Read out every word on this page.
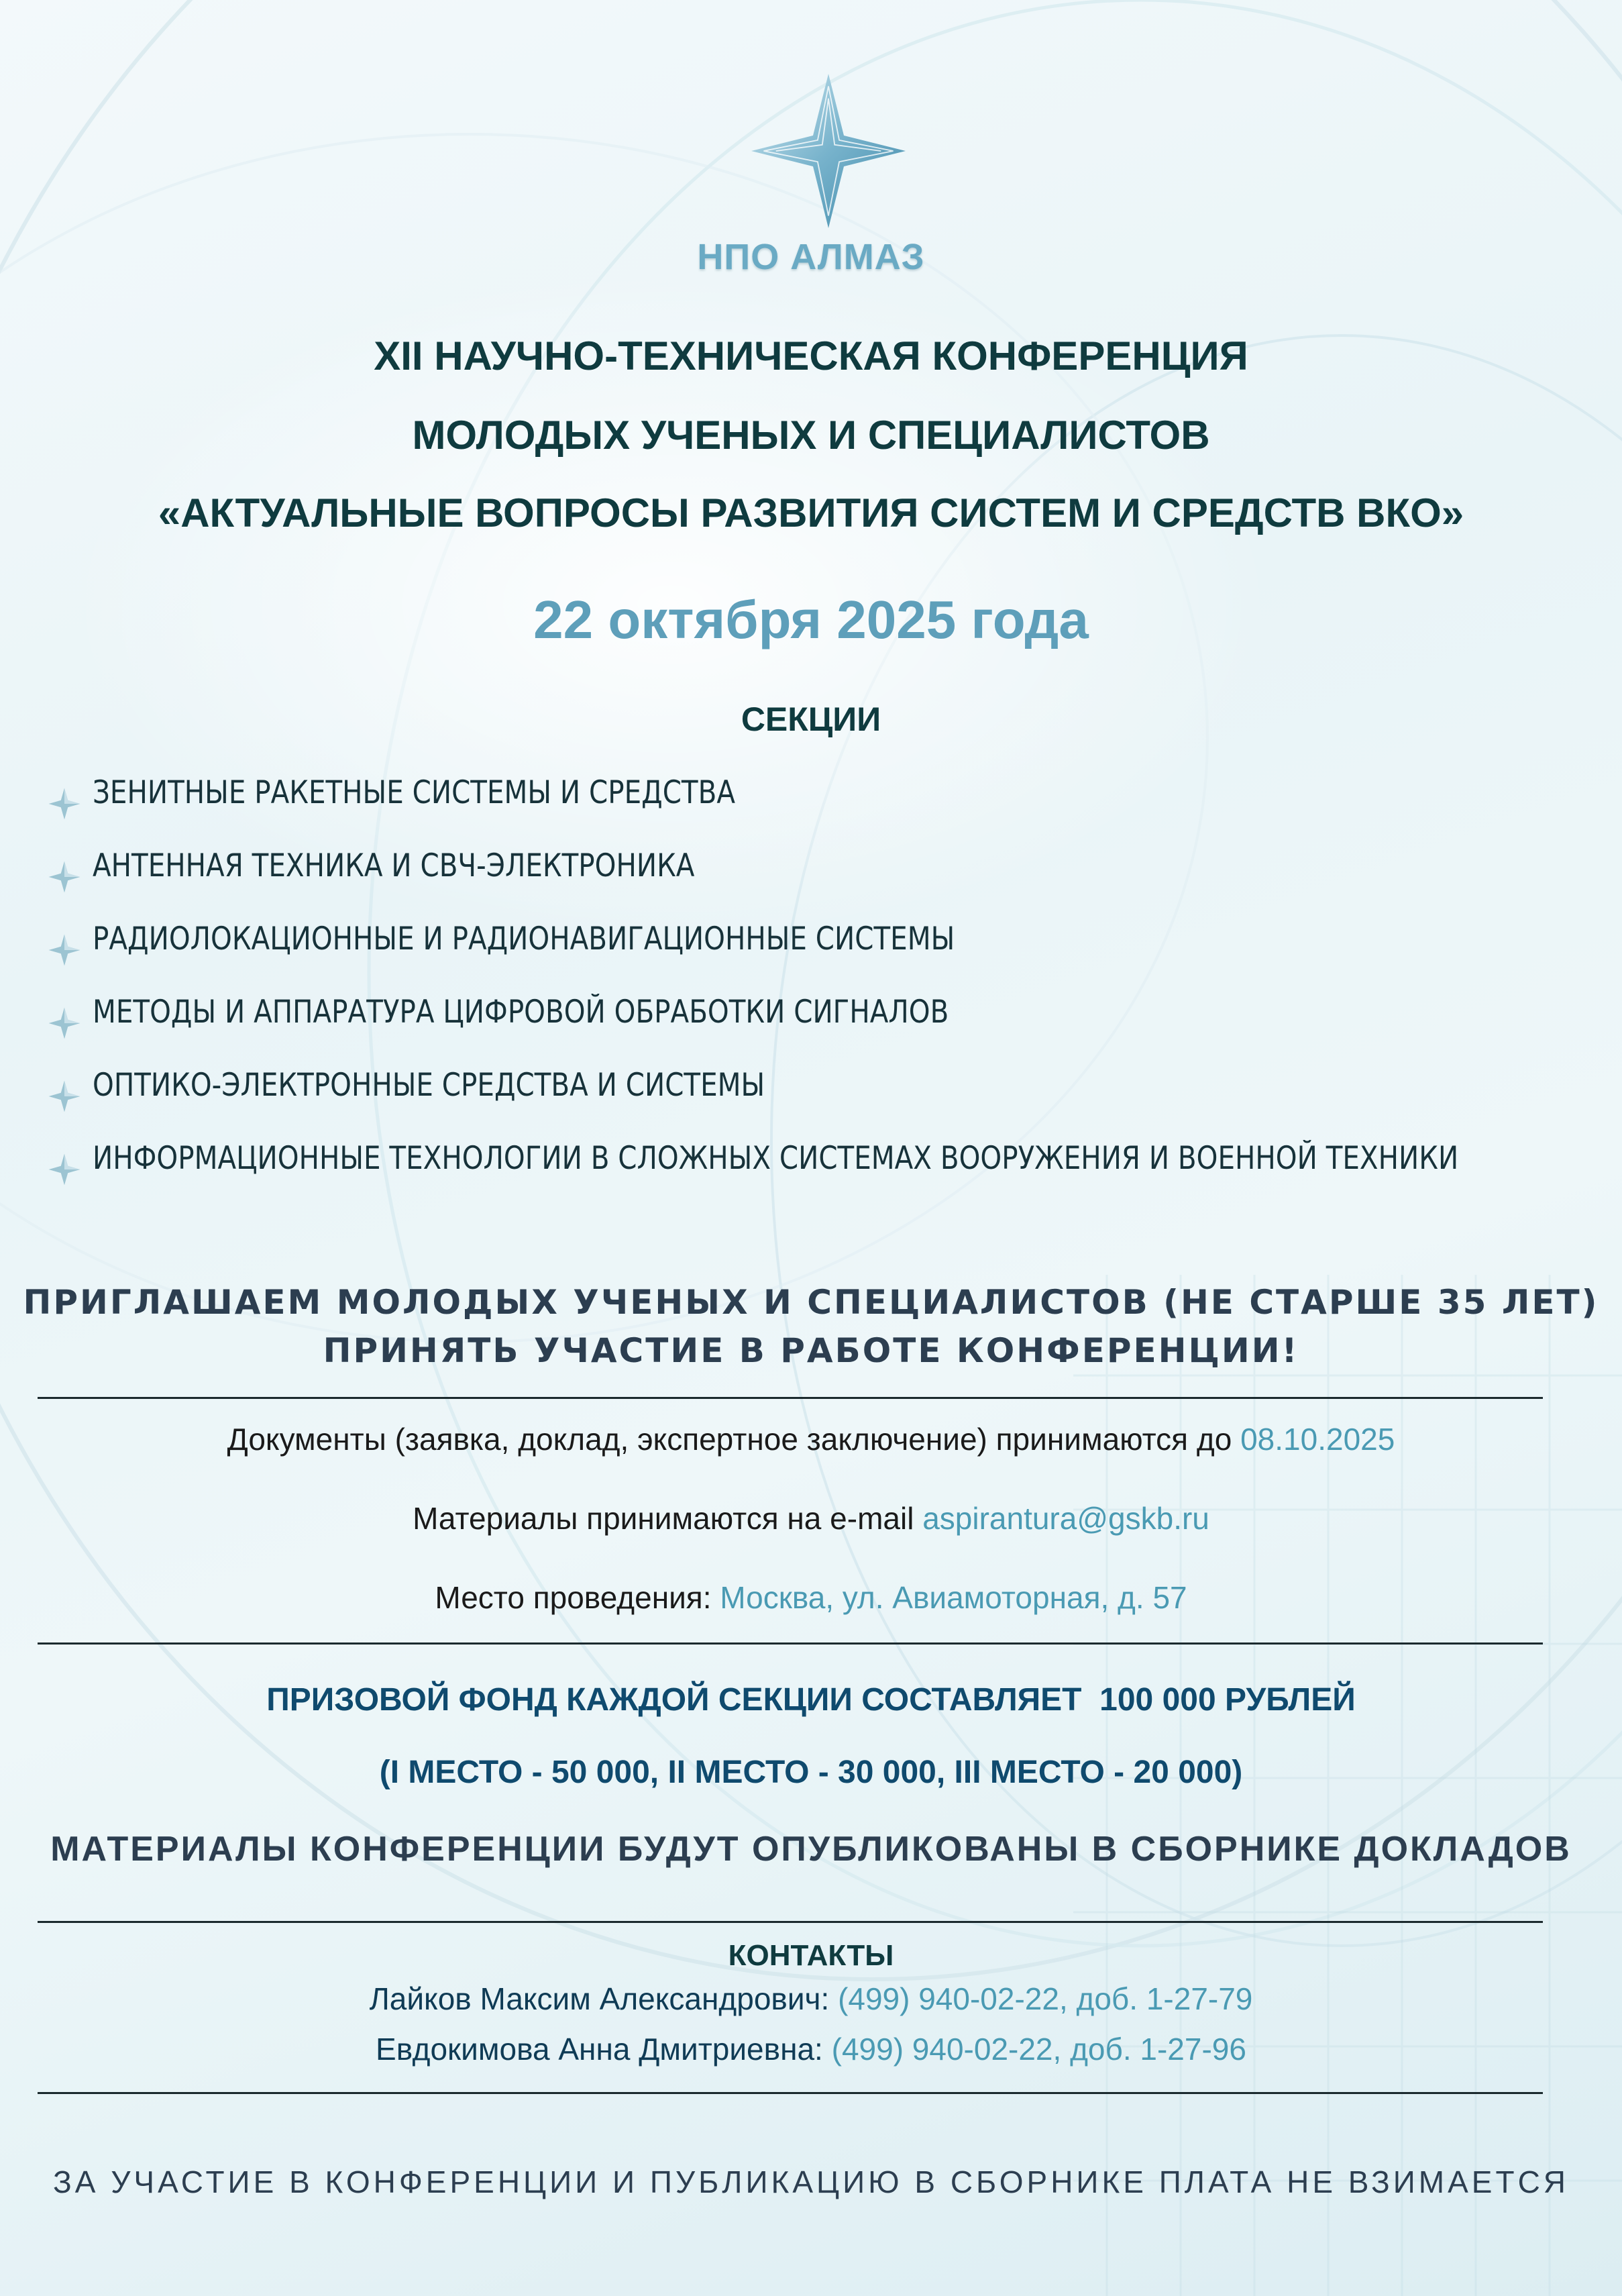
НПО АЛМАЗ
XII НАУЧНО-ТЕХНИЧЕСКАЯ КОНФЕРЕНЦИЯ
МОЛОДЫХ УЧЕНЫХ И СПЕЦИАЛИСТОВ
«АКТУАЛЬНЫЕ ВОПРОСЫ РАЗВИТИЯ СИСТЕМ И СРЕДСТВ ВКО»
22 октября 2025 года
СЕКЦИИ
ЗЕНИТНЫЕ РАКЕТНЫЕ СИСТЕМЫ И СРЕДСТВА
АНТЕННАЯ ТЕХНИКА И СВЧ-ЭЛЕКТРОНИКА
РАДИОЛОКАЦИОННЫЕ И РАДИОНАВИГАЦИОННЫЕ СИСТЕМЫ
МЕТОДЫ И АППАРАТУРА ЦИФРОВОЙ ОБРАБОТКИ СИГНАЛОВ
ОПТИКО-ЭЛЕКТРОННЫЕ СРЕДСТВА И СИСТЕМЫ
ИНФОРМАЦИОННЫЕ ТЕХНОЛОГИИ В СЛОЖНЫХ СИСТЕМАХ ВООРУЖЕНИЯ И ВОЕННОЙ ТЕХНИКИ
ПРИГЛАШАЕМ МОЛОДЫХ УЧЕНЫХ И СПЕЦИАЛИСТОВ (НЕ СТАРШЕ 35 ЛЕТ)
ПРИНЯТЬ УЧАСТИЕ В РАБОТЕ КОНФЕРЕНЦИИ!
Документы (заявка, доклад, экспертное заключение) принимаются до 08.10.2025
Материалы принимаются на e-mail aspirantura@gskb.ru
Место проведения: Москва, ул. Авиамоторная, д. 57
ПРИЗОВОЙ ФОНД КАЖДОЙ СЕКЦИИ СОСТАВЛЯЕТ  100 000 РУБЛЕЙ
(I МЕСТО - 50 000, II МЕСТО - 30 000, III МЕСТО - 20 000)
МАТЕРИАЛЫ КОНФЕРЕНЦИИ БУДУТ ОПУБЛИКОВАНЫ В СБОРНИКЕ ДОКЛАДОВ
КОНТАКТЫ
Лайков Максим Александрович: (499) 940-02-22, доб. 1-27-79
Евдокимова Анна Дмитриевна: (499) 940-02-22, доб. 1-27-96
ЗА УЧАСТИЕ В КОНФЕРЕНЦИИ И ПУБЛИКАЦИЮ В СБОРНИКЕ ПЛАТА НЕ ВЗИМАЕТСЯ
